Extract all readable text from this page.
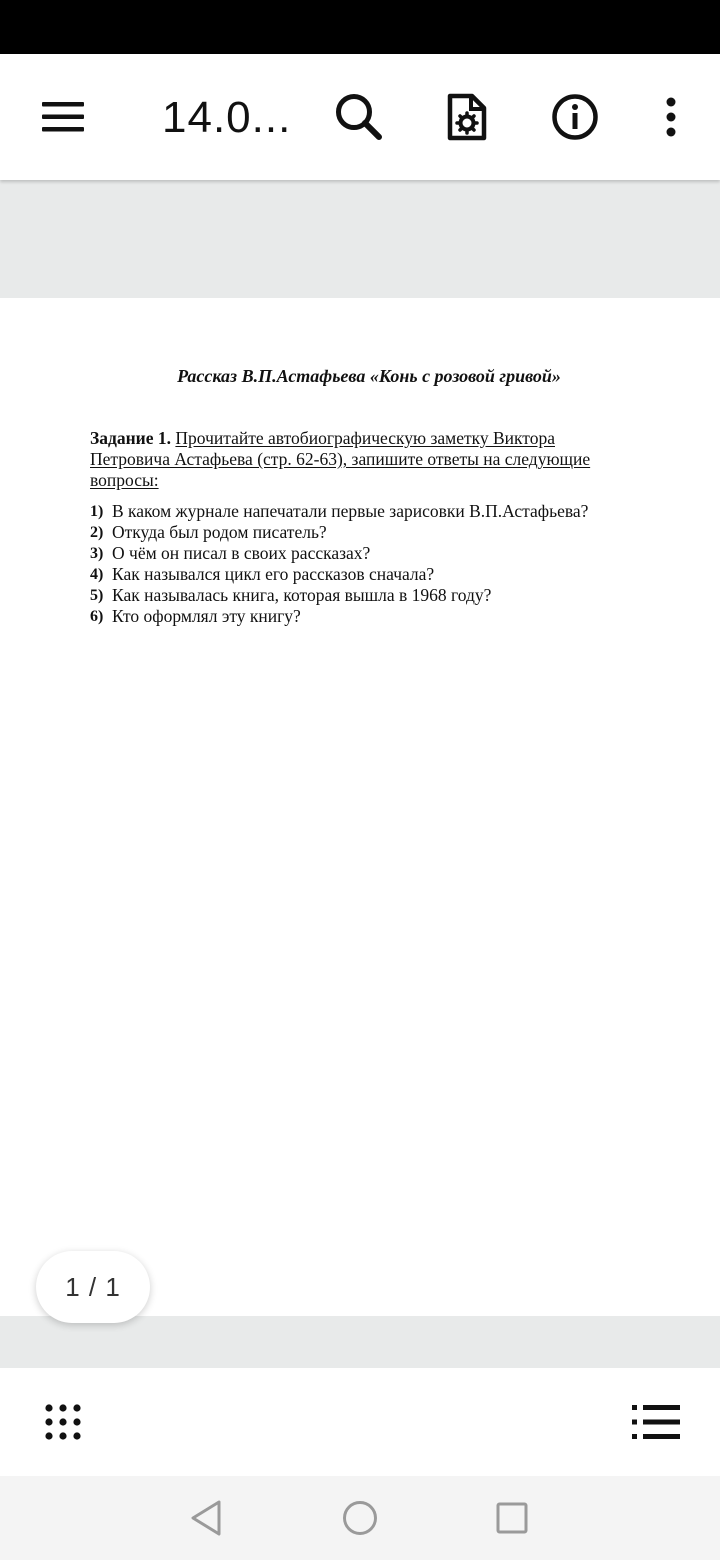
14.0...
Рассказ В.П.Астафьева «Конь с розовой гривой»
Задание 1. Прочитайте автобиографическую заметку Виктора
Петровича Астафьева (стр. 62-63), запишите ответы на следующие
вопросы:
1) В каком журнале напечатали первые зарисовки В.П.Астафьева?
2) Откуда был родом писатель?
3) О чём он писал в своих рассказах?
4) Как назывался цикл его рассказов сначала?
5) Как называлась книга, которая вышла в 1968 году?
6) Кто оформлял эту книгу?
1 / 1
